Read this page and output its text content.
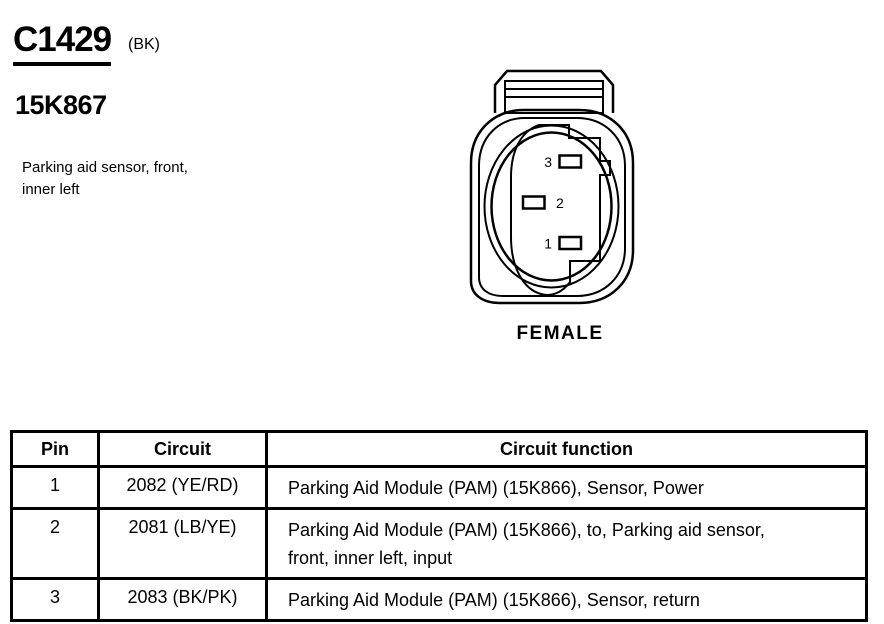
C1429 (BK)
15K867
Parking aid sensor, front, inner left
3
2
1
FEMALE
Pin	Circuit	Circuit function
1	2082 (YE/RD)	Parking Aid Module (PAM) (15K866), Sensor, Power
2	2081 (LB/YE)	Parking Aid Module (PAM) (15K866), to, Parking aid sensor, front, inner left, input
3	2083 (BK/PK)	Parking Aid Module (PAM) (15K866), Sensor, return
